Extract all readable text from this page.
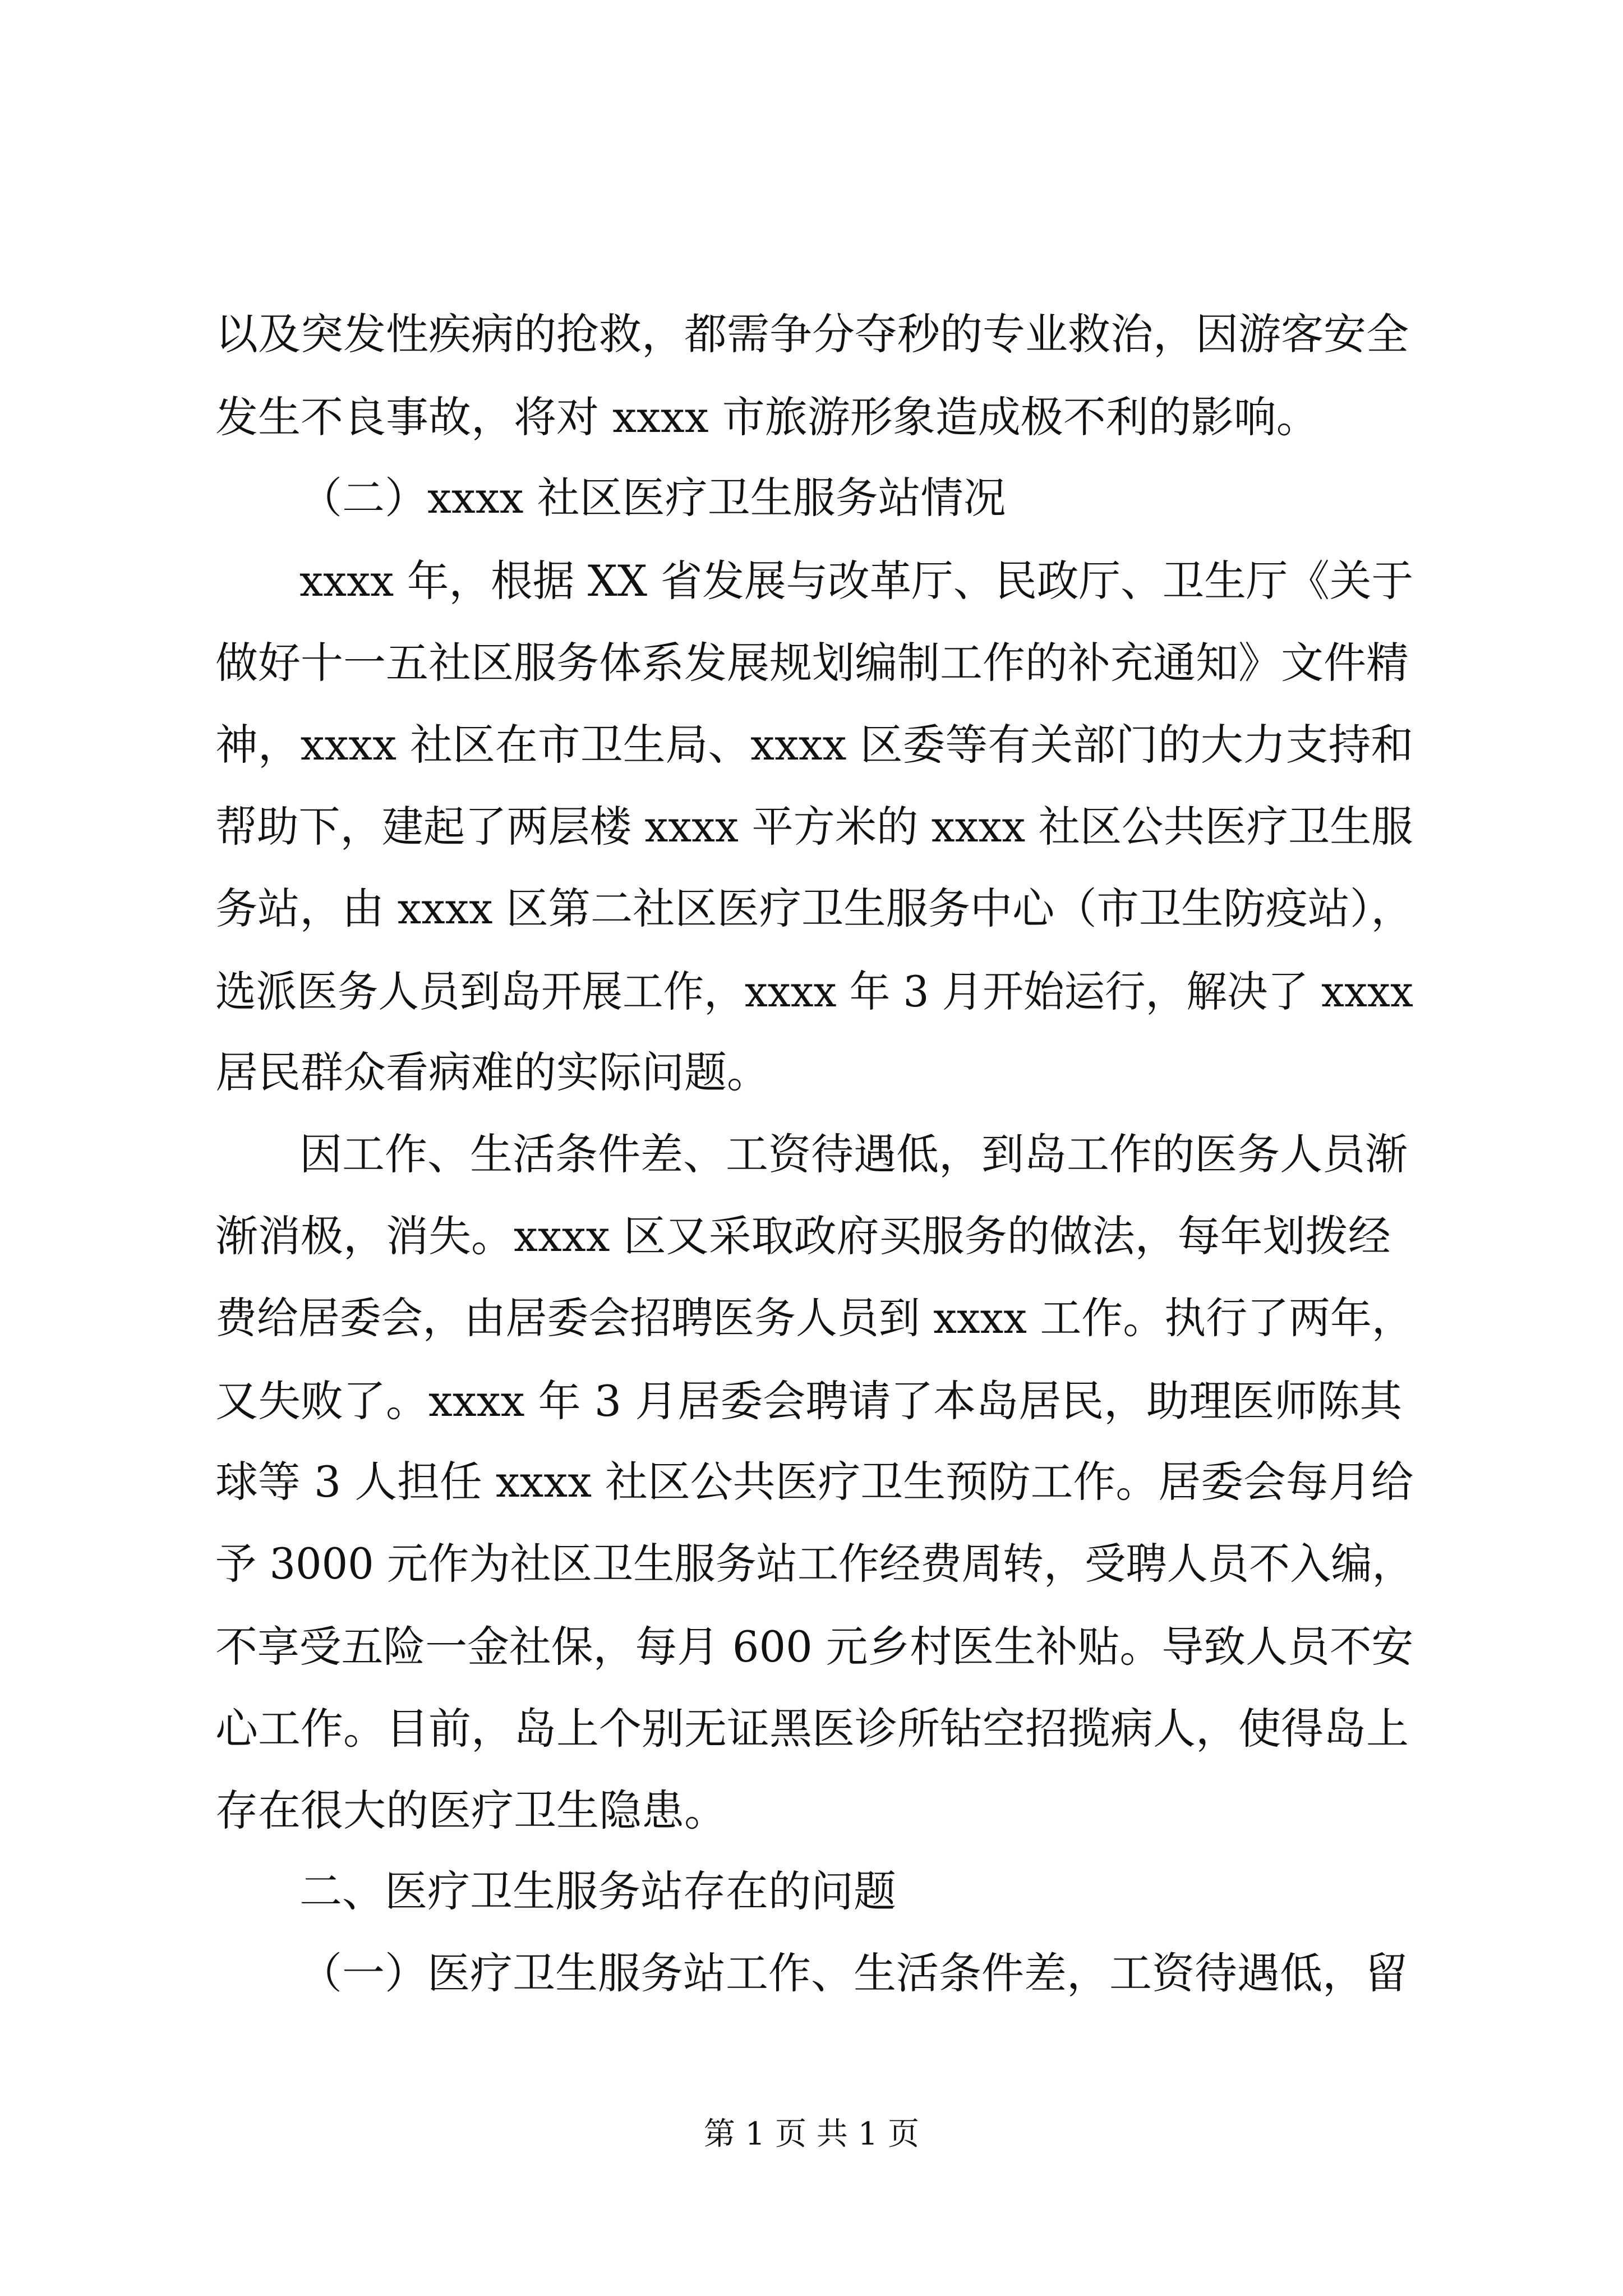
以及突发性疾病的抢救，都需争分夺秒的专业救治，因游客安全
发生不良事故，将对 xxxx 市旅游形象造成极不利的影响。
（二）xxxx 社区医疗卫生服务站情况
xxxx 年，根据 XX 省发展与改革厅、民政厅、卫生厅《关于
做好十一五社区服务体系发展规划编制工作的补充通知》文件精
神，xxxx 社区在市卫生局、xxxx 区委等有关部门的大力支持和
帮助下，建起了两层楼 xxxx 平方米的 xxxx 社区公共医疗卫生服
务站，由 xxxx 区第二社区医疗卫生服务中心（市卫生防疫站），
选派医务人员到岛开展工作，xxxx 年 3 月开始运行，解决了 xxxx
居民群众看病难的实际问题。
因工作、生活条件差、工资待遇低，到岛工作的医务人员渐
渐消极，消失。xxxx 区又采取政府买服务的做法，每年划拨经
费给居委会，由居委会招聘医务人员到 xxxx 工作。执行了两年，
又失败了。xxxx 年 3 月居委会聘请了本岛居民，助理医师陈其
球等 3 人担任 xxxx 社区公共医疗卫生预防工作。居委会每月给
予 3000 元作为社区卫生服务站工作经费周转，受聘人员不入编，
不享受五险一金社保，每月 600 元乡村医生补贴。导致人员不安
心工作。目前，岛上个别无证黑医诊所钻空招揽病人，使得岛上
存在很大的医疗卫生隐患。
二、医疗卫生服务站存在的问题
（一）医疗卫生服务站工作、生活条件差，工资待遇低，留
第 1 页 共 1 页
